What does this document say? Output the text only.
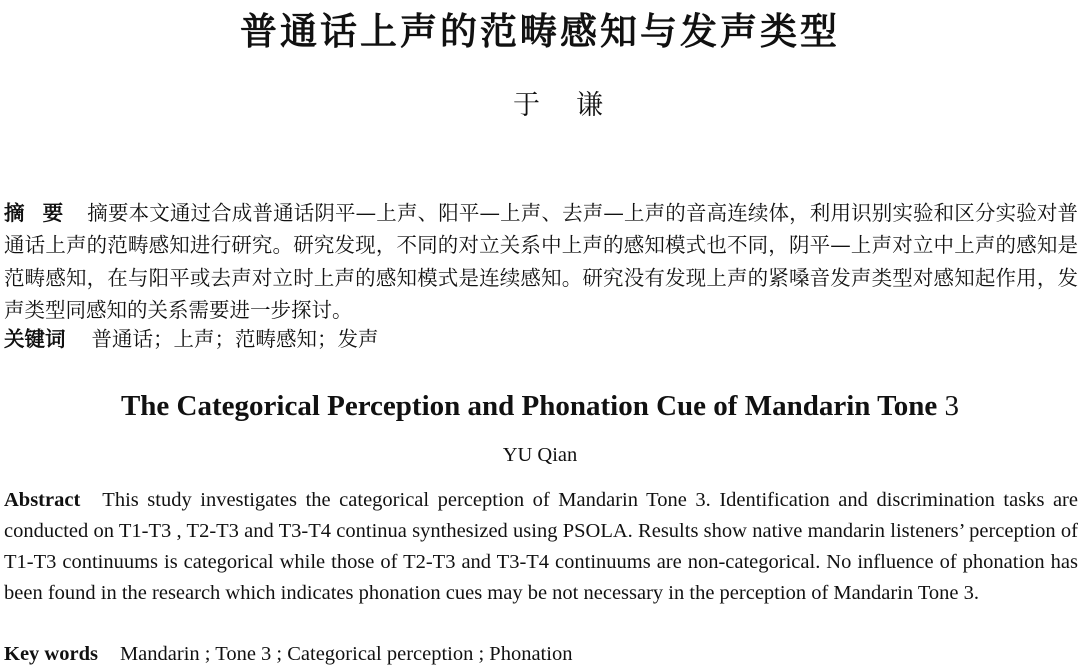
普通话上声的范畴感知与发声类型
于谦
摘要 摘要本文通过合成普通话阴平—上声、阳平—上声、去声—上声的音高连续体，利用识别实验和区分实验对普通话上声的范畴感知进行研究。研究发现，不同的对立关系中上声的感知模式也不同，阴平—上声对立中上声的感知是范畴感知，在与阳平或去声对立时上声的感知模式是连续感知。研究没有发现上声的紧嗓音发声类型对感知起作用，发声类型同感知的关系需要进一步探讨。
关键词 普通话；上声；范畴感知；发声
The Categorical Perception and Phonation Cue of Mandarin Tone 3
YU Qian
Abstract This study investigates the categorical perception of Mandarin Tone 3. Identification and discrimination tasks are conducted on T1-T3 , T2-T3 and T3-T4 continua synthesized using PSOLA. Results show native mandarin listeners’ perception of T1-T3 continuums is categorical while those of T2-T3 and T3-T4 continuums are non-categorical. No influence of phonation has been found in the research which indicates phonation cues may be not necessary in the perception of Mandarin Tone 3.
Key words Mandarin ; Tone 3 ; Categorical perception ; Phonation
